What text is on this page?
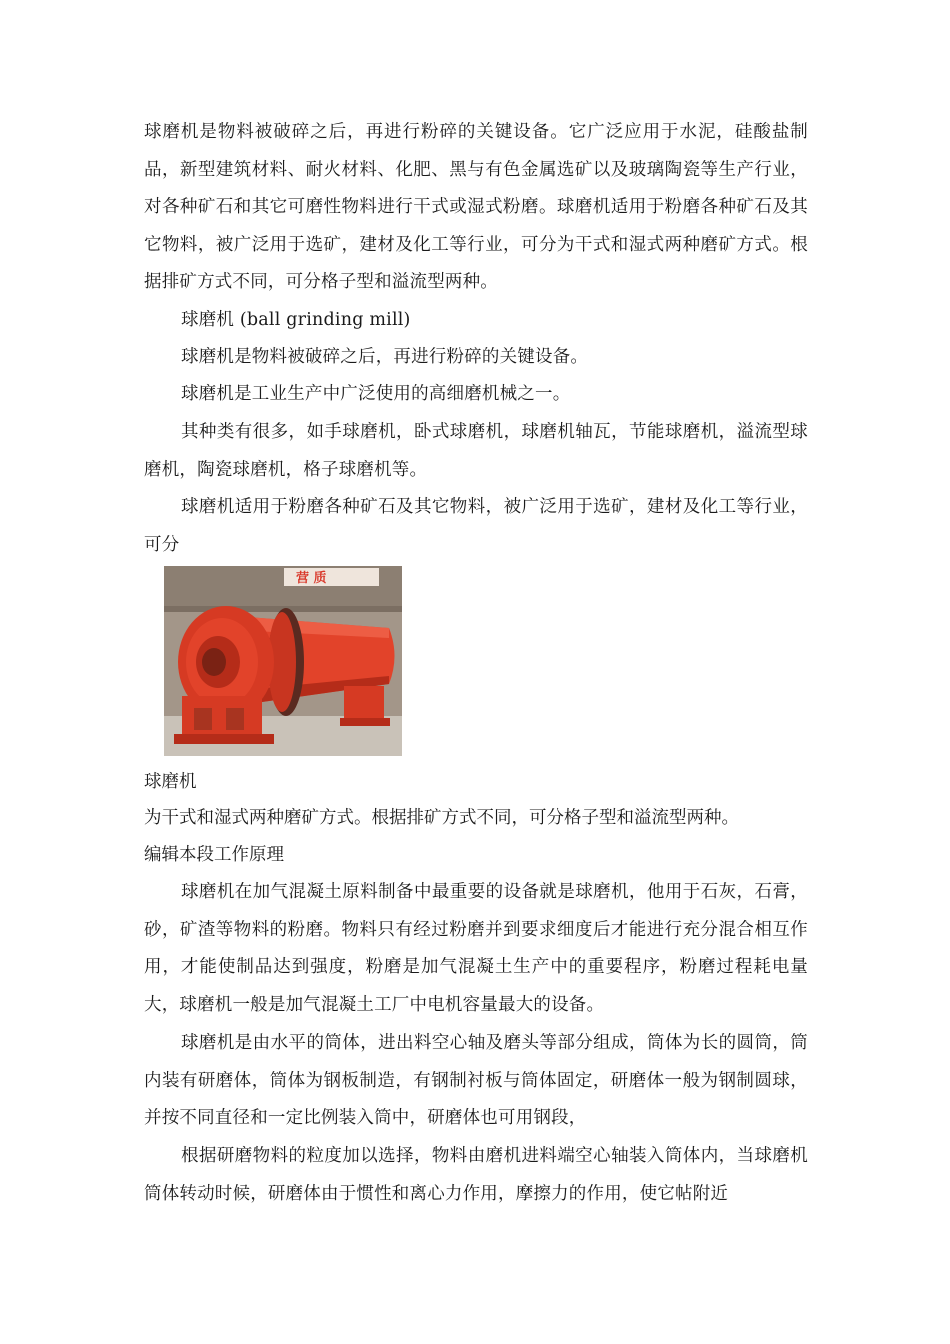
球磨机是物料被破碎之后，再进行粉碎的关键设备。它广泛应用于水泥，硅酸盐制品，新型建筑材料、耐火材料、化肥、黑与有色金属选矿以及玻璃陶瓷等生产行业，对各种矿石和其它可磨性物料进行干式或湿式粉磨。球磨机适用于粉磨各种矿石及其它物料，被广泛用于选矿，建材及化工等行业，可分为干式和湿式两种磨矿方式。根据排矿方式不同，可分格子型和溢流型两种。

球磨机 (ball grinding mill)

球磨机是物料被破碎之后，再进行粉碎的关键设备。

球磨机是工业生产中广泛使用的高细磨机械之一。

其种类有很多，如手球磨机，卧式球磨机，球磨机轴瓦，节能球磨机，溢流型球磨机，陶瓷球磨机，格子球磨机等。

球磨机适用于粉磨各种矿石及其它物料，被广泛用于选矿，建材及化工等行业，可分

营 质

球磨机

为干式和湿式两种磨矿方式。根据排矿方式不同，可分格子型和溢流型两种。

编辑本段工作原理

球磨机在加气混凝土原料制备中最重要的设备就是球磨机，他用于石灰，石膏，砂，矿渣等物料的粉磨。物料只有经过粉磨并到要求细度后才能进行充分混合相互作用，才能使制品达到强度，粉磨是加气混凝土生产中的重要程序，粉磨过程耗电量大，球磨机一般是加气混凝土工厂中电机容量最大的设备。

球磨机是由水平的筒体，进出料空心轴及磨头等部分组成，筒体为长的圆筒，筒内装有研磨体，筒体为钢板制造，有钢制衬板与筒体固定，研磨体一般为钢制圆球，并按不同直径和一定比例装入筒中，研磨体也可用钢段，

根据研磨物料的粒度加以选择，物料由磨机进料端空心轴装入筒体内，当球磨机筒体转动时候，研磨体由于惯性和离心力作用，摩擦力的作用，使它帖附近
